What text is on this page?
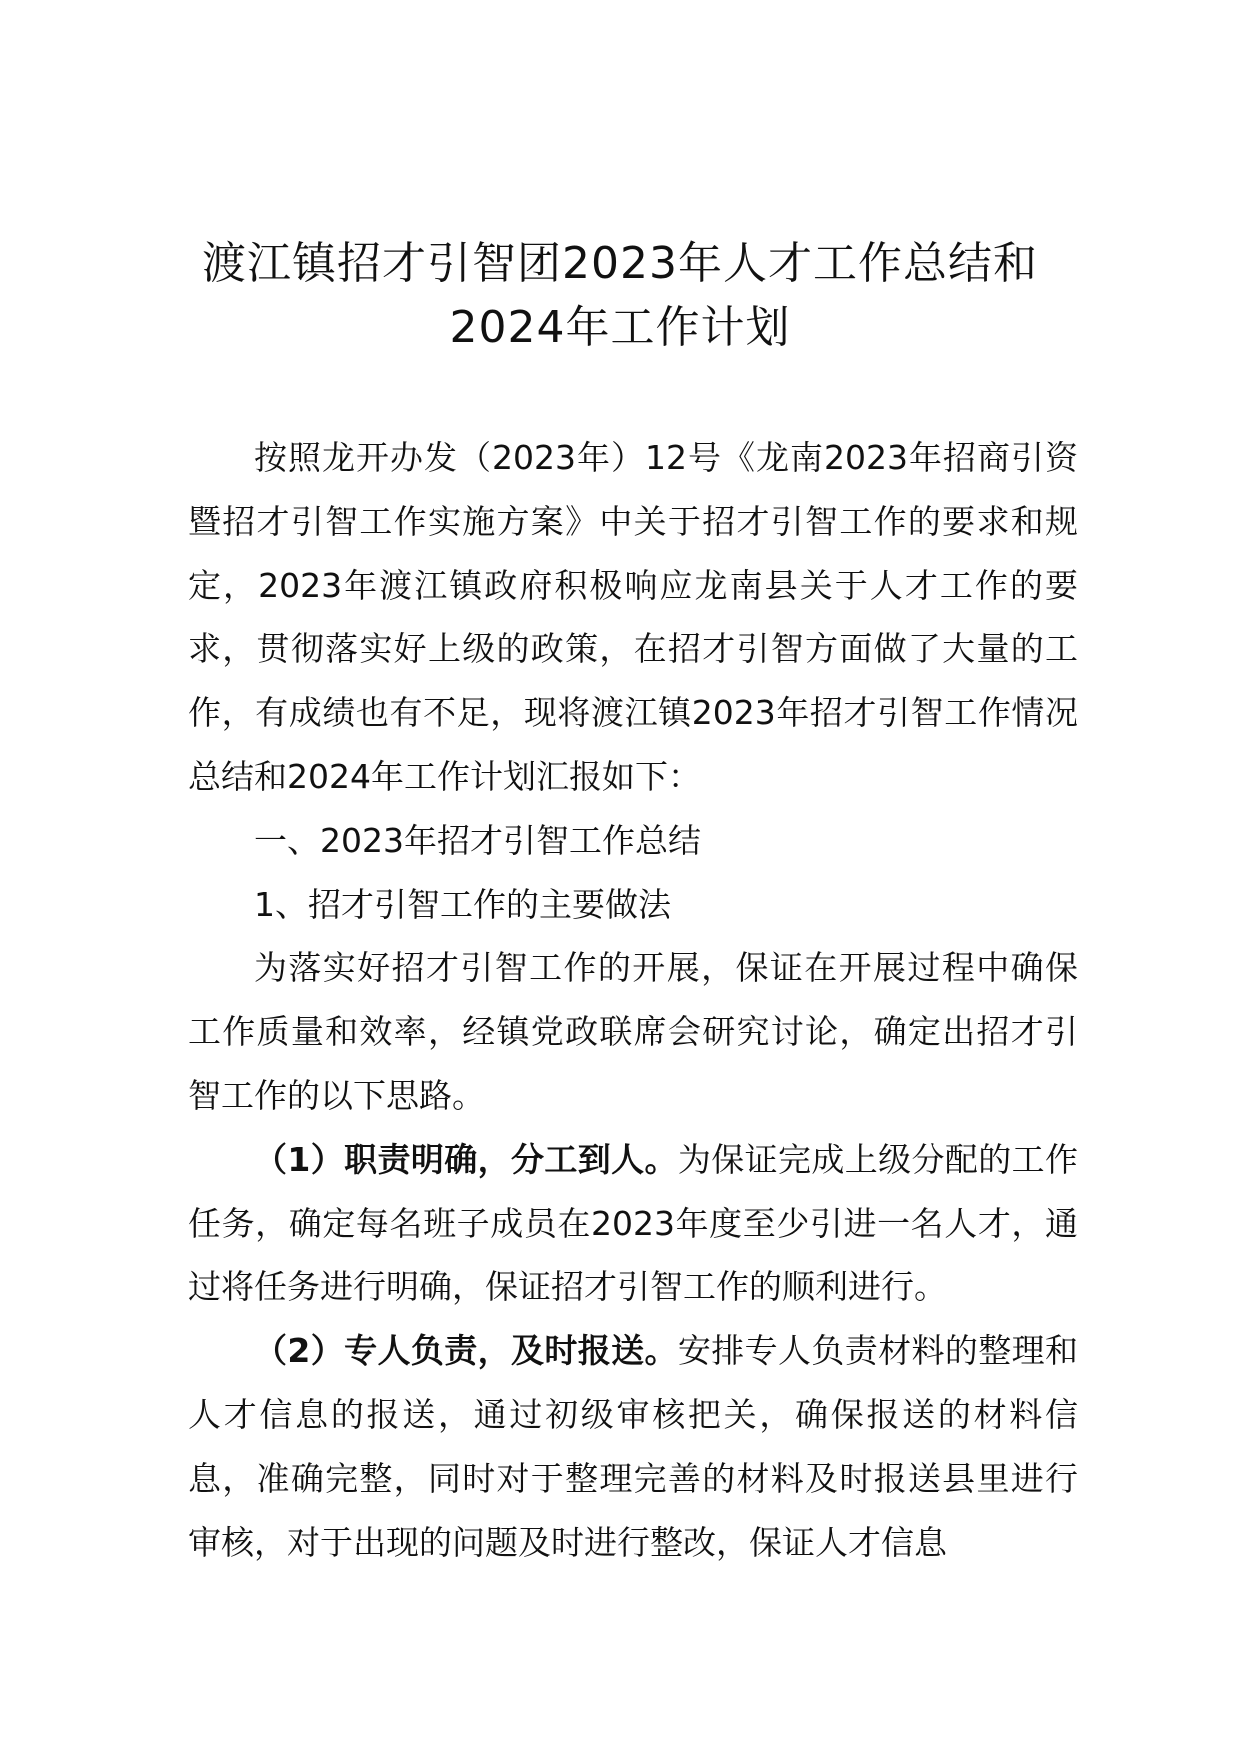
渡江镇招才引智团2023年人才工作总结和
2024年工作计划

按照龙开办发（2023年）12号《龙南2023年招商引资暨招才引智工作实施方案》中关于招才引智工作的要求和规定，2023年渡江镇政府积极响应龙南县关于人才工作的要求，贯彻落实好上级的政策，在招才引智方面做了大量的工作，有成绩也有不足，现将渡江镇2023年招才引智工作情况总结和2024年工作计划汇报如下：

一、2023年招才引智工作总结

1、招才引智工作的主要做法

为落实好招才引智工作的开展，保证在开展过程中确保工作质量和效率，经镇党政联席会研究讨论，确定出招才引智工作的以下思路。

（1）职责明确，分工到人。为保证完成上级分配的工作任务，确定每名班子成员在2023年度至少引进一名人才，通过将任务进行明确，保证招才引智工作的顺利进行。

（2）专人负责，及时报送。安排专人负责材料的整理和人才信息的报送，通过初级审核把关，确保报送的材料信息，准确完整，同时对于整理完善的材料及时报送县里进行审核，对于出现的问题及时进行整改，保证人才信息
